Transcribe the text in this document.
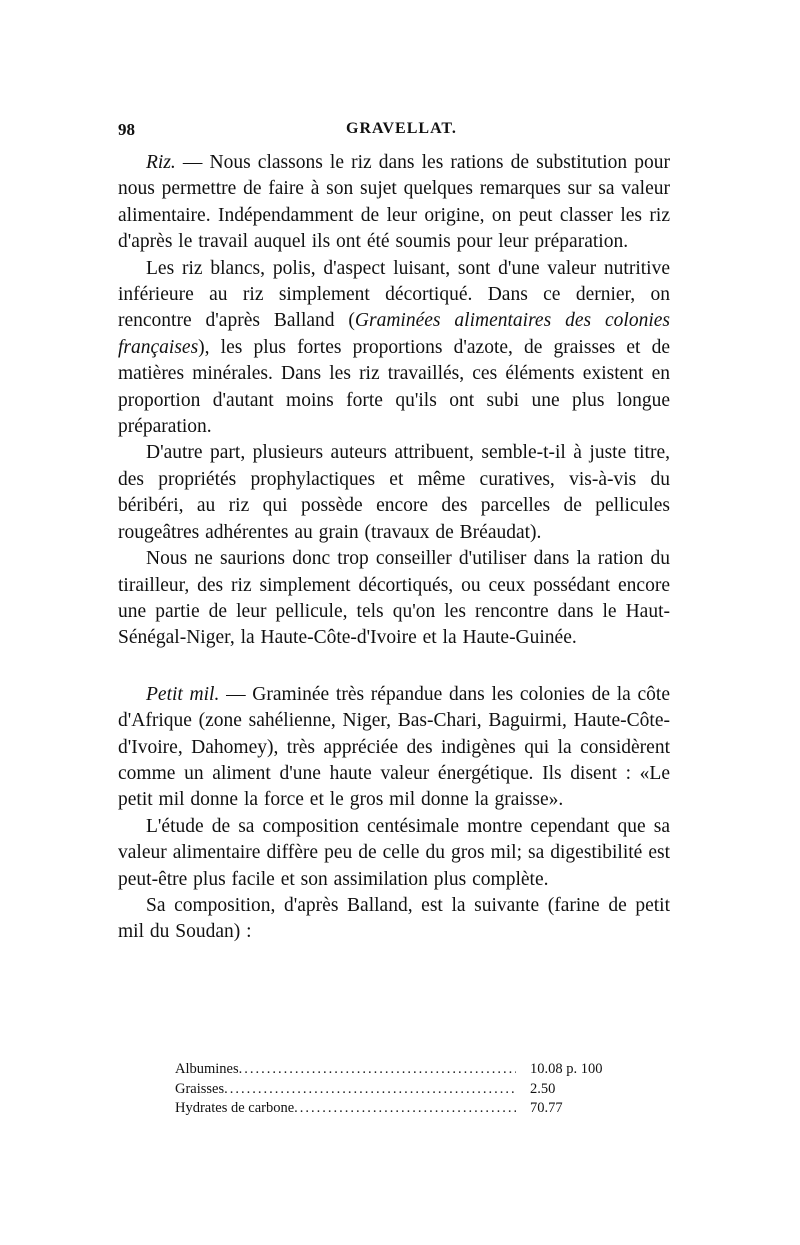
98	GRAVELLAT.

Riz. — Nous classons le riz dans les rations de substitution pour nous permettre de faire à son sujet quelques remarques sur sa valeur alimentaire. Indépendamment de leur origine, on peut classer les riz d'après le travail auquel ils ont été soumis pour leur préparation.

Les riz blancs, polis, d'aspect luisant, sont d'une valeur nutritive inférieure au riz simplement décortiqué. Dans ce dernier, on rencontre d'après Balland (Graminées alimentaires des colonies françaises), les plus fortes proportions d'azote, de graisses et de matières minérales. Dans les riz travaillés, ces éléments existent en proportion d'autant moins forte qu'ils ont subi une plus longue préparation.

D'autre part, plusieurs auteurs attribuent, semble-t-il à juste titre, des propriétés prophylactiques et même curatives, vis-à-vis du béribéri, au riz qui possède encore des parcelles de pellicules rougeâtres adhérentes au grain (travaux de Bréaudat).

Nous ne saurions donc trop conseiller d'utiliser dans la ration du tirailleur, des riz simplement décortiqués, ou ceux possédant encore une partie de leur pellicule, tels qu'on les rencontre dans le Haut-Sénégal-Niger, la Haute-Côte-d'Ivoire et la Haute-Guinée.

Petit mil. — Graminée très répandue dans les colonies de la côte d'Afrique (zone sahélienne, Niger, Bas-Chari, Baguirmi, Haute-Côte-d'Ivoire, Dahomey), très appréciée des indigènes qui la considèrent comme un aliment d'une haute valeur énergétique. Ils disent : «Le petit mil donne la force et le gros mil donne la graisse».

L'étude de sa composition centésimale montre cependant que sa valeur alimentaire diffère peu de celle du gros mil; sa digestibilité est peut-être plus facile et son assimilation plus complète.

Sa composition, d'après Balland, est la suivante (farine de petit mil du Soudan) :

Albumines .....	10.08 p. 100
Graisses .....	2.50
Hydrates de carbone .....	70.77
